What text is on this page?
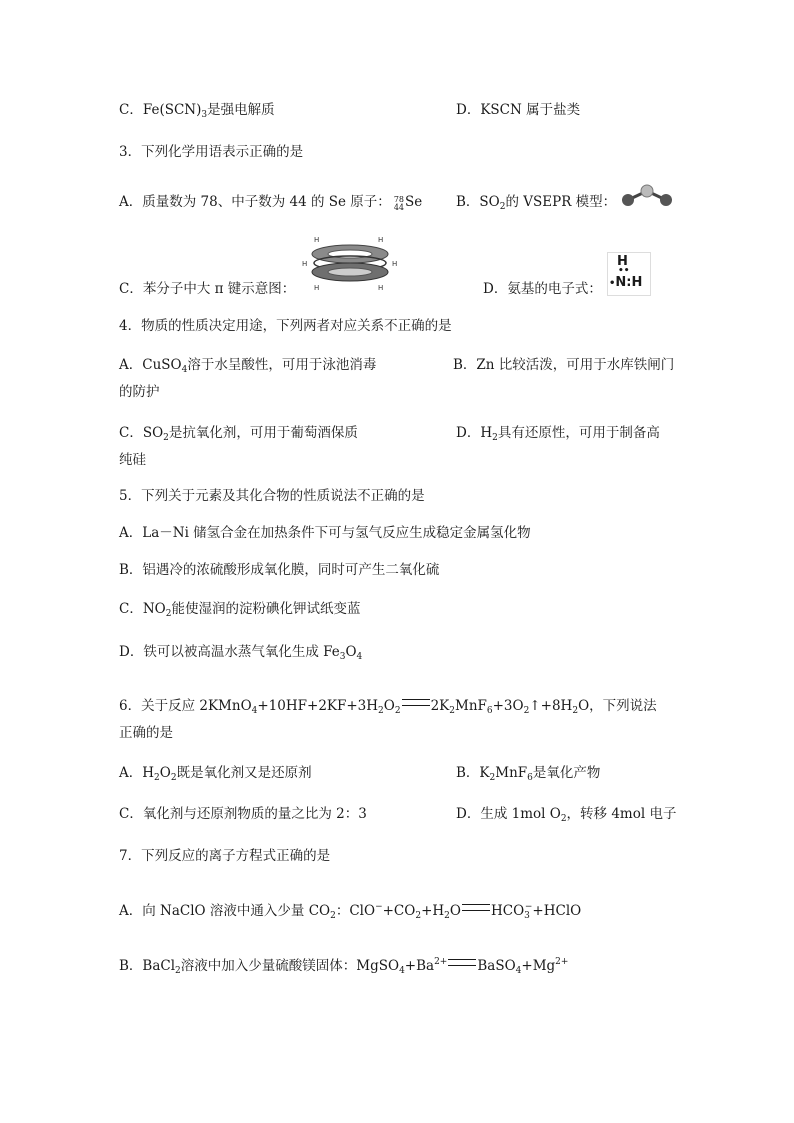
C．$Fe(SCN)_3$是强电解质	D．KSCN 属于盐类
3．下列化学用语表示正确的是
A．质量数为 78、中子数为 44 的 Se 原子： 78
44Se	B．$SO_2$的 VSEPR 模型：
C．苯分子中大 π 键示意图：
H	H
H	H
H	H	D．氨基的电子式：
H
••
•N:H
4．物质的性质决定用途，下列两者对应关系不正确的是
A．CuSO$_4$溶于水呈酸性，可用于泳池消毒	B．Zn 比较活泼，可用于水库铁闸门
的防护
C．$SO_2$是抗氧化剂，可用于葡萄酒保质	D．$H_2$具有还原性，可用于制备高
纯硅
5．下列关于元素及其化合物的性质说法不正确的是
A．La－Ni 储氢合金在加热条件下可与氢气反应生成稳定金属氢化物
B．铝遇冷的浓硫酸形成氧化膜，同时可产生二氧化硫
C．$NO_2$能使湿润的淀粉碘化钾试纸变蓝
D．铁可以被高温水蒸气氧化生成 $Fe_3O_4$
6．关于反应 $2KMnO_4+10HF+2KF+3H_2O_2$ $2K_2MnF_6+3O_2↑+8H_2O$，下列说法
正确的是
A．$H_2O_2$既是氧化剂又是还原剂	B．$K_2MnF_6$是氧化产物
C．氧化剂与还原剂物质的量之比为 2：3	D．生成 1mol $O_2$，转移 4mol 电子
7．下列反应的离子方程式正确的是
A．向 NaClO 溶液中通入少量 $CO_2$：$ClO^-+CO_2+H_2O$ $HCO_3^-+HClO$
B．BaCl$_2$溶液中加入少量硫酸镁固体：$MgSO_4+Ba^{2+}$ $BaSO_4+Mg^{2+}$
